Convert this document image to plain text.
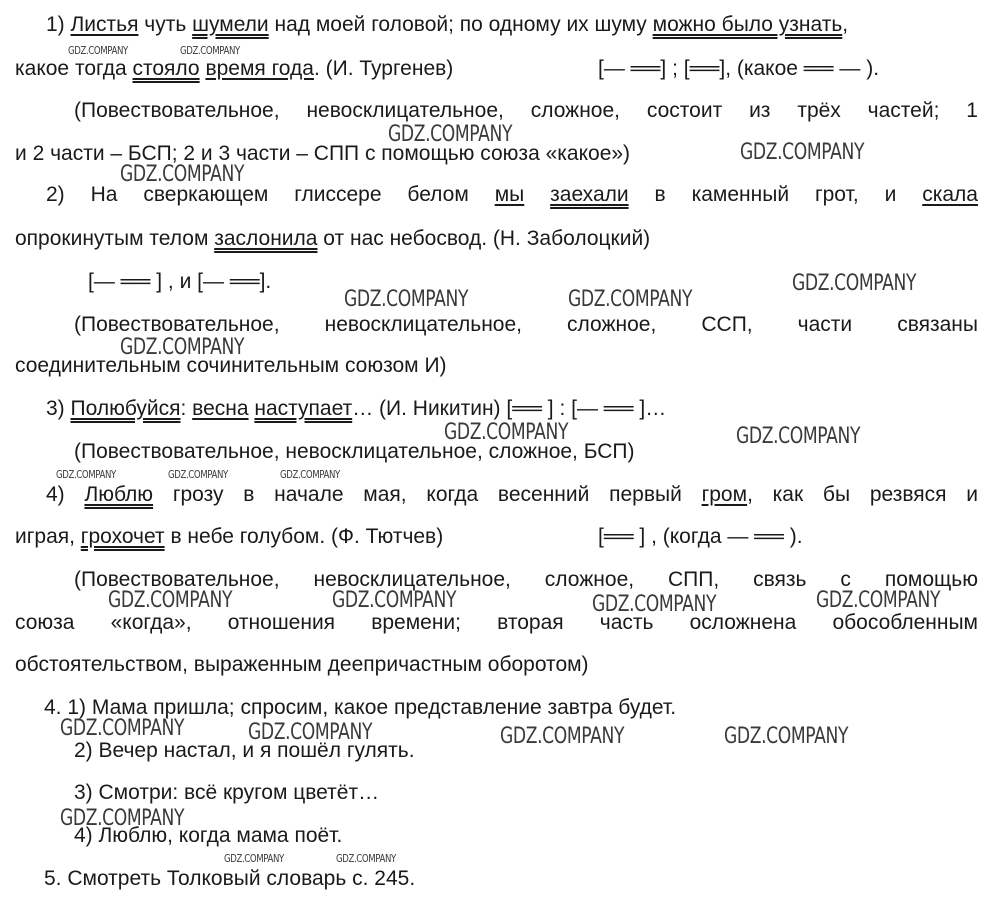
1) Листья чуть шумели над моей головой; по одному их шуму можно было узнать,
какое тогда стояло время года. (И. Тургенев)	[— ══] ; [══], (какое ══ — ).
(Повествовательное, невосклицательное, сложное, состоит из трёх частей; 1
и 2 части – БСП; 2 и 3 части – СПП с помощью союза «какое»)
2) На сверкающем глиссере белом мы заехали в каменный грот, и скала
опрокинутым телом заслонила от нас небосвод. (Н. Заболоцкий)
[— ══ ] , и [— ══].
(Повествовательное, невосклицательное, сложное, ССП, части связаны
соединительным сочинительным союзом И)
3) Полюбуйся: весна наступает… (И. Никитин) [══ ] : [— ══ ]…
(Повествовательное, невосклицательное, сложное, БСП)
4) Люблю грозу в начале мая, когда весенний первый гром, как бы резвяся и
играя, грохочет в небе голубом. (Ф. Тютчев)	[══ ] , (когда — ══ ).
(Повествовательное, невосклицательное, сложное, СПП, связь с помощью
союза «когда», отношения времени; вторая часть осложнена обособленным
обстоятельством, выраженным деепричастным оборотом)
4. 1) Мама пришла; спросим, какое представление завтра будет.
2) Вечер настал, и я пошёл гулять.
3) Смотри: всё кругом цветёт…
4) Люблю, когда мама поёт.
5. Смотреть Толковый словарь с. 245.
GDZ.COMPANY	GDZ.COMPANY
GDZ.COMPANY
GDZ.COMPANY
GDZ.COMPANY
GDZ.COMPANY
GDZ.COMPANY	GDZ.COMPANY
GDZ.COMPANY
GDZ.COMPANY	GDZ.COMPANY
GDZ.COMPANY	GDZ.COMPANY	GDZ.COMPANY
GDZ.COMPANY	GDZ.COMPANY	GDZ.COMPANY	GDZ.COMPANY
GDZ.COMPANY	GDZ.COMPANY	GDZ.COMPANY	GDZ.COMPANY
GDZ.COMPANY
GDZ.COMPANY	GDZ.COMPANY
